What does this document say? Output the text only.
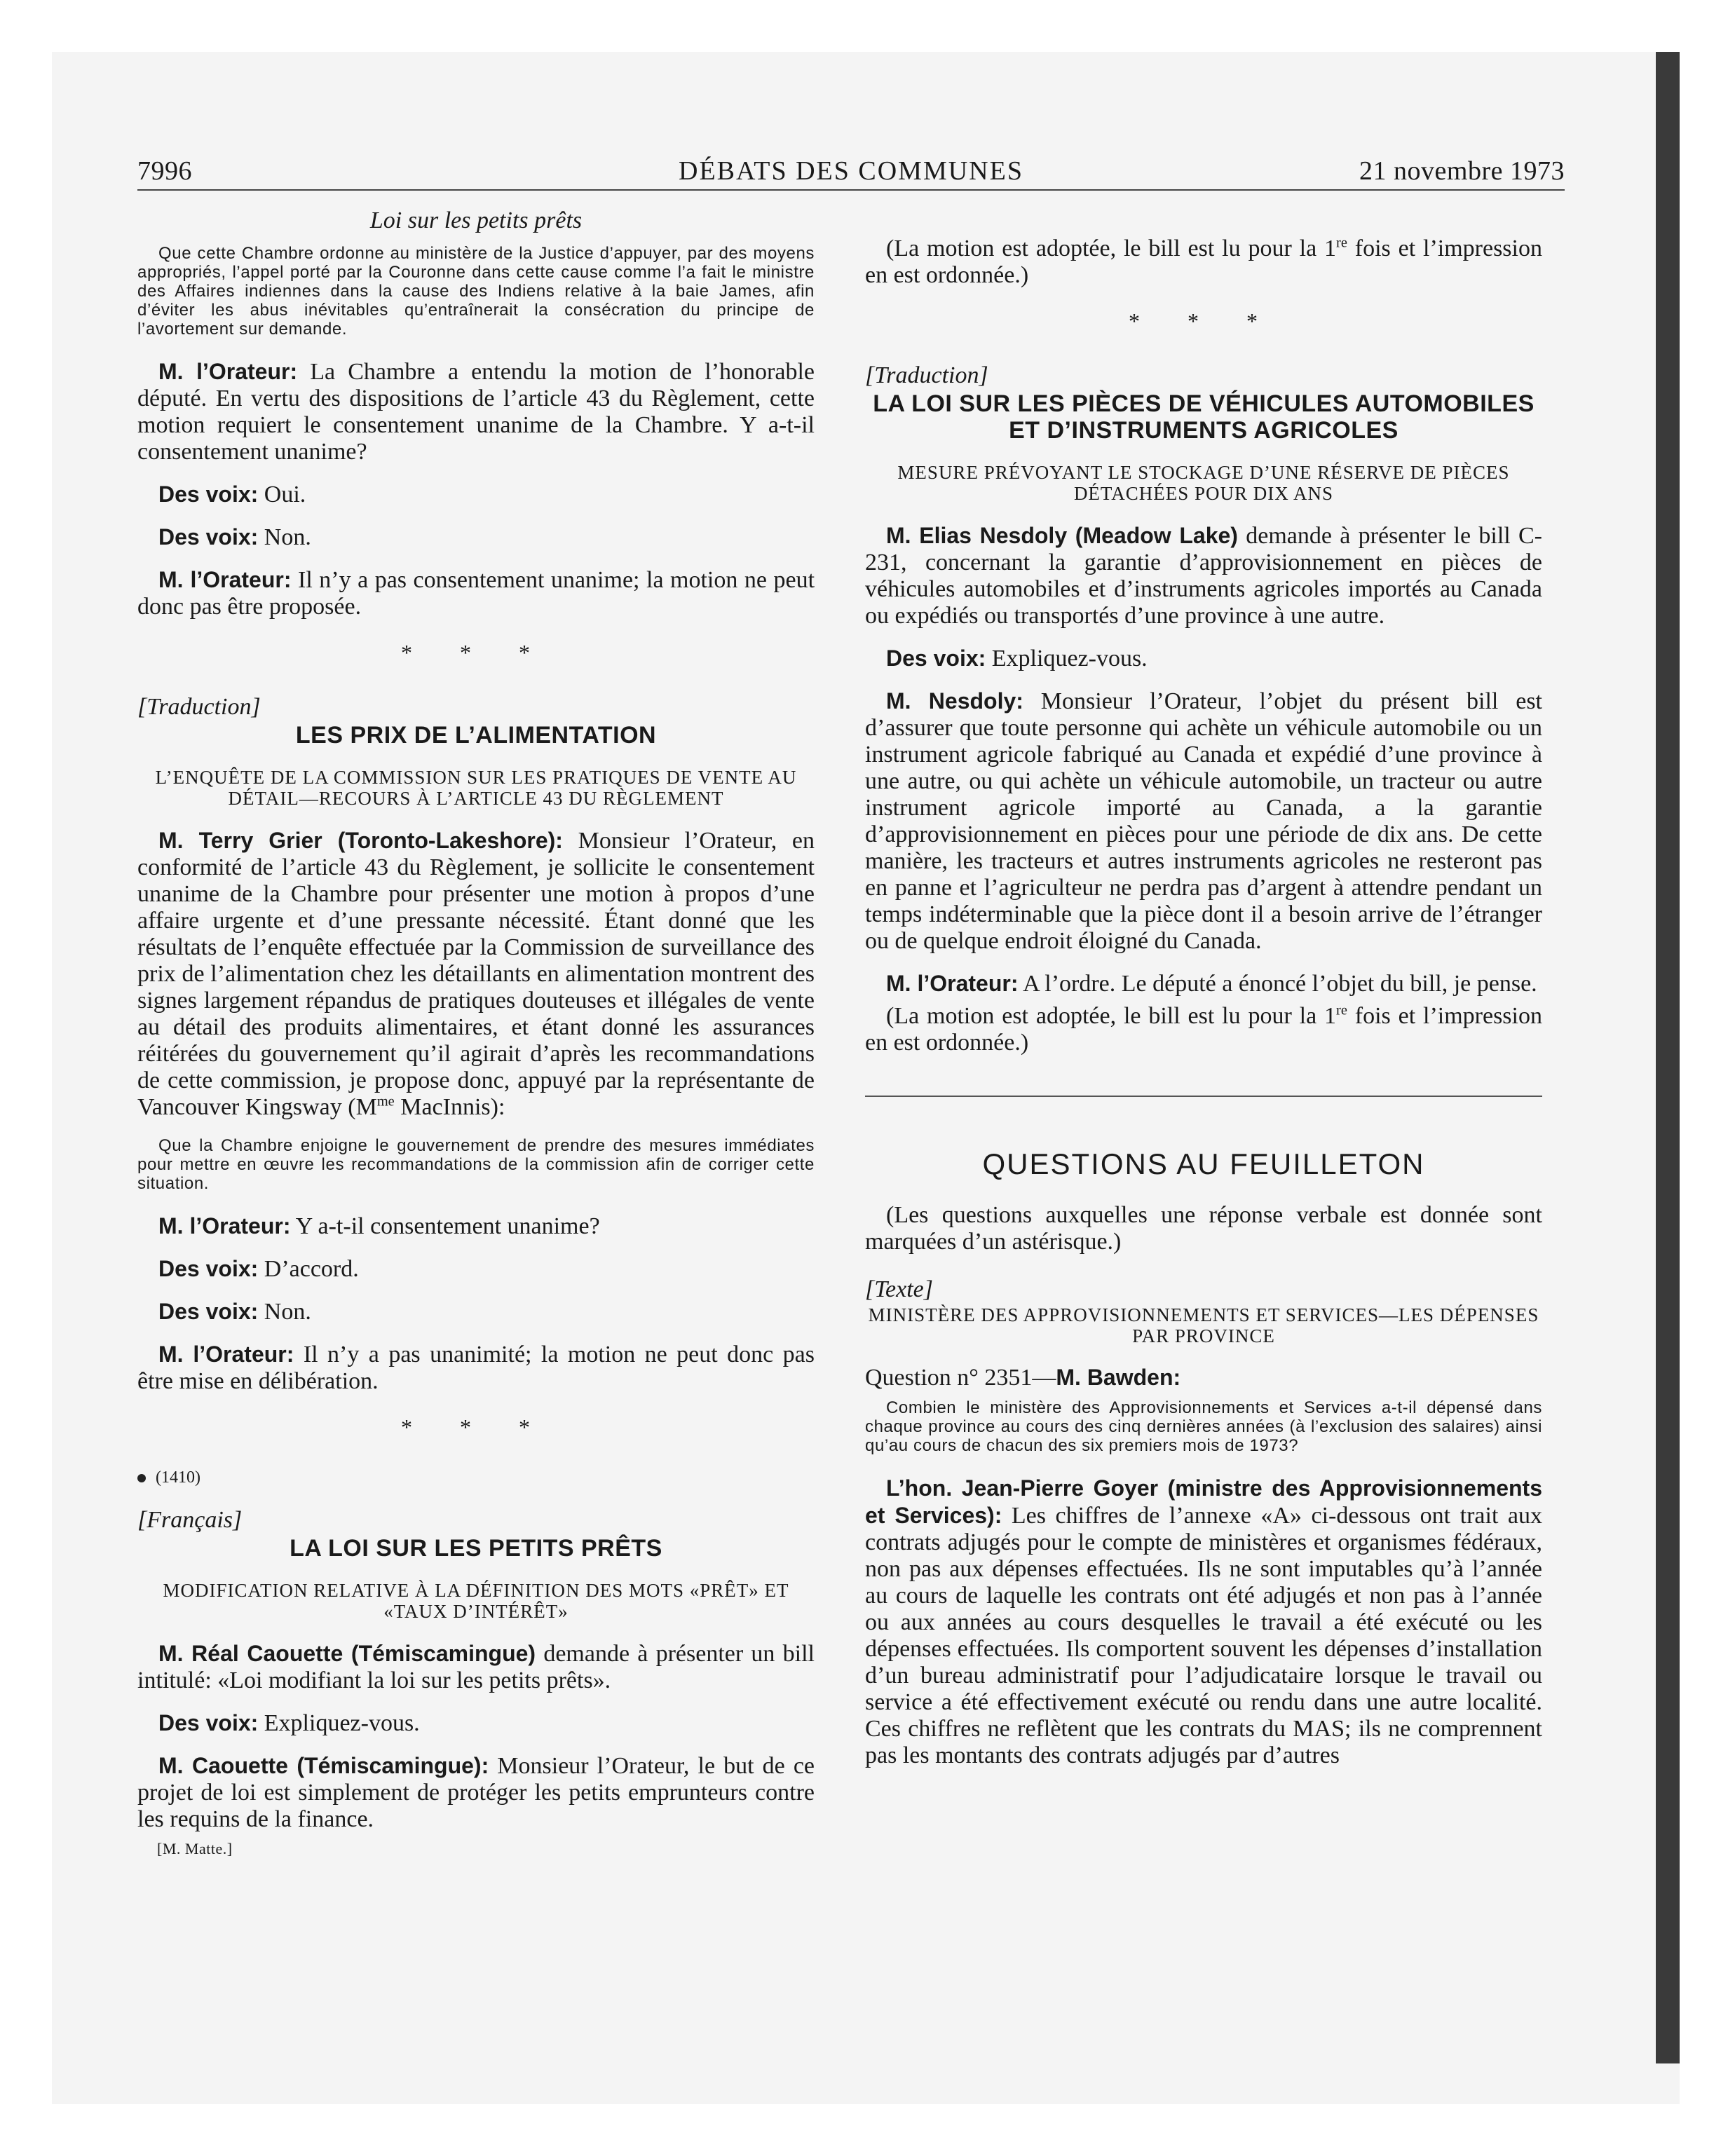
7996	DÉBATS DES COMMUNES	21 novembre 1973

Loi sur les petits prêts

Que cette Chambre ordonne au ministère de la Justice d’appuyer, par des moyens appropriés, l’appel porté par la Couronne dans cette cause comme l’a fait le ministre des Affaires indiennes dans la cause des Indiens relative à la baie James, afin d’éviter les abus inévitables qu’entraînerait la consécration du principe de l’avortement sur demande.

M. l’Orateur: La Chambre a entendu la motion de l’honorable député. En vertu des dispositions de l’article 43 du Règlement, cette motion requiert le consentement unanime de la Chambre. Y a-t-il consentement unanime?

Des voix: Oui.

Des voix: Non.

M. l’Orateur: Il n’y a pas consentement unanime; la motion ne peut donc pas être proposée.

* * *

[Traduction]

LES PRIX DE L’ALIMENTATION

L’ENQUÊTE DE LA COMMISSION SUR LES PRATIQUES DE VENTE AU DÉTAIL—RECOURS À L’ARTICLE 43 DU RÈGLEMENT

M. Terry Grier (Toronto-Lakeshore): Monsieur l’Orateur, en conformité de l’article 43 du Règlement, je sollicite le consentement unanime de la Chambre pour présenter une motion à propos d’une affaire urgente et d’une pressante nécessité. Étant donné que les résultats de l’enquête effectuée par la Commission de surveillance des prix de l’alimentation chez les détaillants en alimentation montrent des signes largement répandus de pratiques douteuses et illégales de vente au détail des produits alimentaires, et étant donné les assurances réitérées du gouvernement qu’il agirait d’après les recommandations de cette commission, je propose donc, appuyé par la représentante de Vancouver Kingsway ($M^{me}$ MacInnis):

Que la Chambre enjoigne le gouvernement de prendre des mesures immédiates pour mettre en œuvre les recommandations de la commission afin de corriger cette situation.

M. l’Orateur: Y a-t-il consentement unanime?

Des voix: D’accord.

Des voix: Non.

M. l’Orateur: Il n’y a pas unanimité; la motion ne peut donc pas être mise en délibération.

* * *

(1410)

[Français]

LA LOI SUR LES PETITS PRÊTS

MODIFICATION RELATIVE À LA DÉFINITION DES MOTS «PRÊT» ET «TAUX D’INTÉRÊT»

M. Réal Caouette (Témiscamingue) demande à présenter un bill intitulé: «Loi modifiant la loi sur les petits prêts».

Des voix: Expliquez-vous.

M. Caouette (Témiscamingue): Monsieur l’Orateur, le but de ce projet de loi est simplement de protéger les petits emprunteurs contre les requins de la finance.

[M. Matte.]

(La motion est adoptée, le bill est lu pour la 1re fois et l’impression en est ordonnée.)

* * *

[Traduction]

LA LOI SUR LES PIÈCES DE VÉHICULES AUTOMOBILES ET D’INSTRUMENTS AGRICOLES

MESURE PRÉVOYANT LE STOCKAGE D’UNE RÉSERVE DE PIÈCES DÉTACHÉES POUR DIX ANS

M. Elias Nesdoly (Meadow Lake) demande à présenter le bill C-231, concernant la garantie d’approvisionnement en pièces de véhicules automobiles et d’instruments agricoles importés au Canada ou expédiés ou transportés d’une province à une autre.

Des voix: Expliquez-vous.

M. Nesdoly: Monsieur l’Orateur, l’objet du présent bill est d’assurer que toute personne qui achète un véhicule automobile ou un instrument agricole fabriqué au Canada et expédié d’une province à une autre, ou qui achète un véhicule automobile, un tracteur ou autre instrument agricole importé au Canada, a la garantie d’approvisionnement en pièces pour une période de dix ans. De cette manière, les tracteurs et autres instruments agricoles ne resteront pas en panne et l’agriculteur ne perdra pas d’argent à attendre pendant un temps indéterminable que la pièce dont il a besoin arrive de l’étranger ou de quelque endroit éloigné du Canada.

M. l’Orateur: A l’ordre. Le député a énoncé l’objet du bill, je pense.

(La motion est adoptée, le bill est lu pour la 1re fois et l’impression en est ordonnée.)

QUESTIONS AU FEUILLETON

(Les questions auxquelles une réponse verbale est donnée sont marquées d’un astérisque.)

[Texte]

MINISTÈRE DES APPROVISIONNEMENTS ET SERVICES—LES DÉPENSES PAR PROVINCE

Question n° 2351—M. Bawden:

Combien le ministère des Approvisionnements et Services a-t-il dépensé dans chaque province au cours des cinq dernières années (à l’exclusion des salaires) ainsi qu’au cours de chacun des six premiers mois de 1973?

L’hon. Jean-Pierre Goyer (ministre des Approvisionnements et Services): Les chiffres de l’annexe «A» ci-dessous ont trait aux contrats adjugés pour le compte de ministères et organismes fédéraux, non pas aux dépenses effectuées. Ils ne sont imputables qu’à l’année au cours de laquelle les contrats ont été adjugés et non pas à l’année ou aux années au cours desquelles le travail a été exécuté ou les dépenses effectuées. Ils comportent souvent les dépenses d’installation d’un bureau administratif pour l’adjudicataire lorsque le travail ou service a été effectivement exécuté ou rendu dans une autre localité. Ces chiffres ne reflètent que les contrats du MAS; ils ne comprennent pas les montants des contrats adjugés par d’autres
